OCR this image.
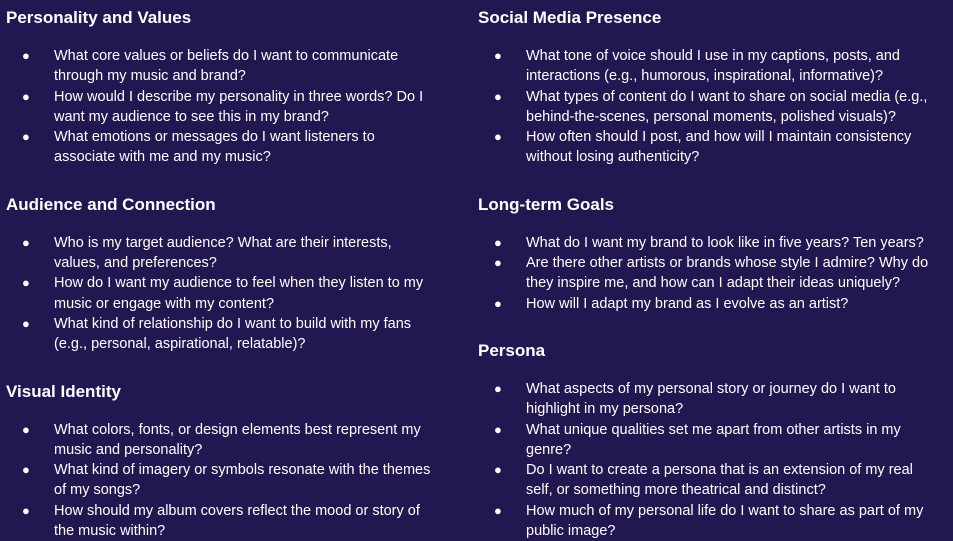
Personality and Values
● What core values or beliefs do I want to communicate
through my music and brand?
● How would I describe my personality in three words? Do I
want my audience to see this in my brand?
● What emotions or messages do I want listeners to
associate with me and my music?
Audience and Connection
● Who is my target audience? What are their interests,
values, and preferences?
● How do I want my audience to feel when they listen to my
music or engage with my content?
● What kind of relationship do I want to build with my fans
(e.g., personal, aspirational, relatable)?
Visual Identity
● What colors, fonts, or design elements best represent my
music and personality?
● What kind of imagery or symbols resonate with the themes
of my songs?
● How should my album covers reflect the mood or story of
the music within?
Social Media Presence
● What tone of voice should I use in my captions, posts, and
interactions (e.g., humorous, inspirational, informative)?
● What types of content do I want to share on social media (e.g.,
behind-the-scenes, personal moments, polished visuals)?
● How often should I post, and how will I maintain consistency
without losing authenticity?
Long-term Goals
● What do I want my brand to look like in five years? Ten years?
● Are there other artists or brands whose style I admire? Why do
they inspire me, and how can I adapt their ideas uniquely?
● How will I adapt my brand as I evolve as an artist?
Persona
● What aspects of my personal story or journey do I want to
highlight in my persona?
● What unique qualities set me apart from other artists in my
genre?
● Do I want to create a persona that is an extension of my real
self, or something more theatrical and distinct?
● How much of my personal life do I want to share as part of my
public image?
